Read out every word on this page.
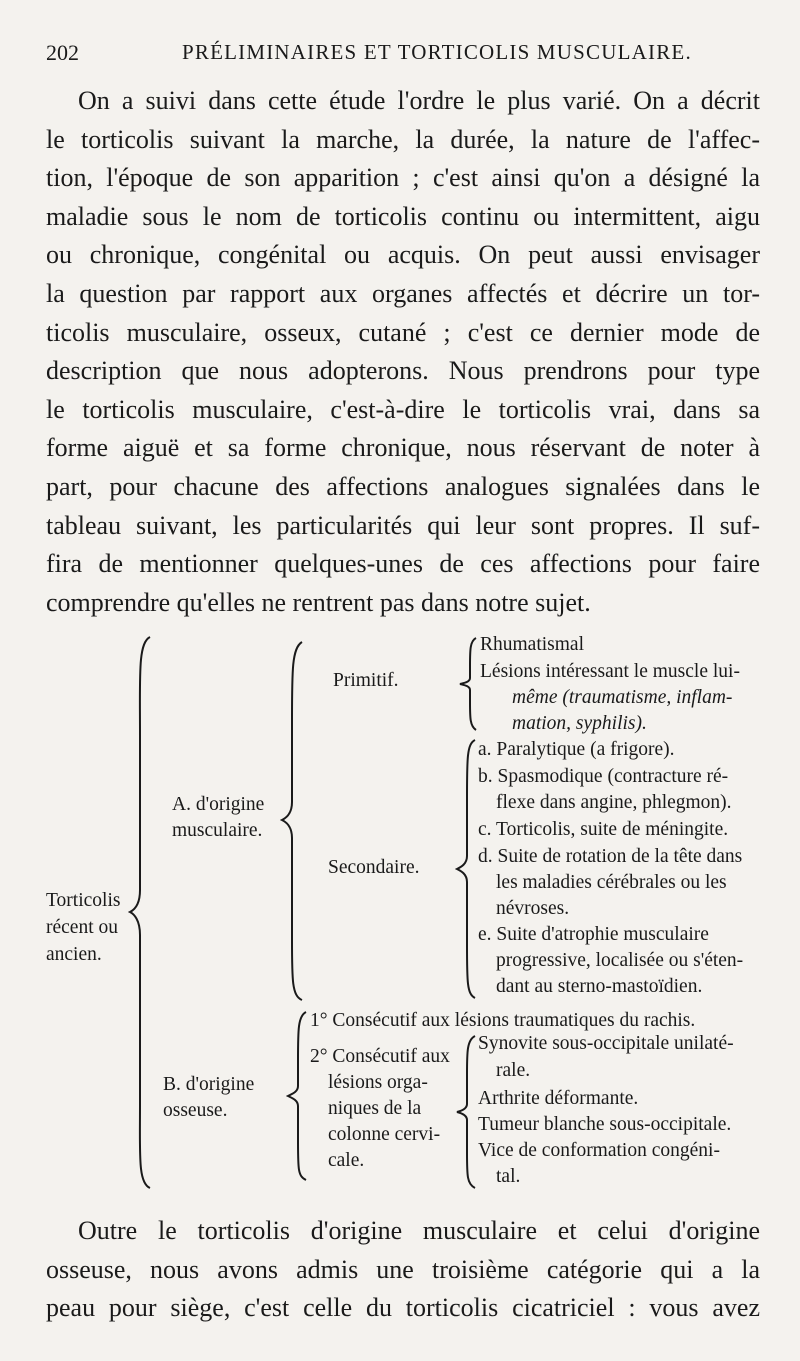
202	PRÉLIMINAIRES ET TORTICOLIS MUSCULAIRE.
On a suivi dans cette étude l'ordre le plus varié. On a décrit
le torticolis suivant la marche, la durée, la nature de l'affec-
tion, l'époque de son apparition ; c'est ainsi qu'on a désigné la
maladie sous le nom de torticolis continu ou intermittent, aigu
ou chronique, congénital ou acquis. On peut aussi envisager
la question par rapport aux organes affectés et décrire un tor-
ticolis musculaire, osseux, cutané ; c'est ce dernier mode de
description que nous adopterons. Nous prendrons pour type
le torticolis musculaire, c'est-à-dire le torticolis vrai, dans sa
forme aiguë et sa forme chronique, nous réservant de noter à
part, pour chacune des affections analogues signalées dans le
tableau suivant, les particularités qui leur sont propres. Il suf-
fira de mentionner quelques-unes de ces affections pour faire
comprendre qu'elles ne rentrent pas dans notre sujet.
Torticolis
récent ou
ancien.
A. d'origine
musculaire.
B. d'origine
osseuse.
Primitif.
Rhumatismal
Lésions intéressant le muscle lui-
même (traumatisme, inflam-
mation, syphilis).
Secondaire.
a. Paralytique (a frigore).
b. Spasmodique (contracture ré-
flexe dans angine, phlegmon).
c. Torticolis, suite de méningite.
d. Suite de rotation de la tête dans
les maladies cérébrales ou les
névroses.
e. Suite d'atrophie musculaire
progressive, localisée ou s'éten-
dant au sterno-mastoïdien.
1° Consécutif aux lésions traumatiques du rachis.
2° Consécutif aux
lésions orga-
niques de la
colonne cervi-
cale.
Synovite sous-occipitale unilaté-
rale.
Arthrite déformante.
Tumeur blanche sous-occipitale.
Vice de conformation congéni-
tal.
Outre le torticolis d'origine musculaire et celui d'origine
osseuse, nous avons admis une troisième catégorie qui a la
peau pour siège, c'est celle du torticolis cicatriciel : vous avez
